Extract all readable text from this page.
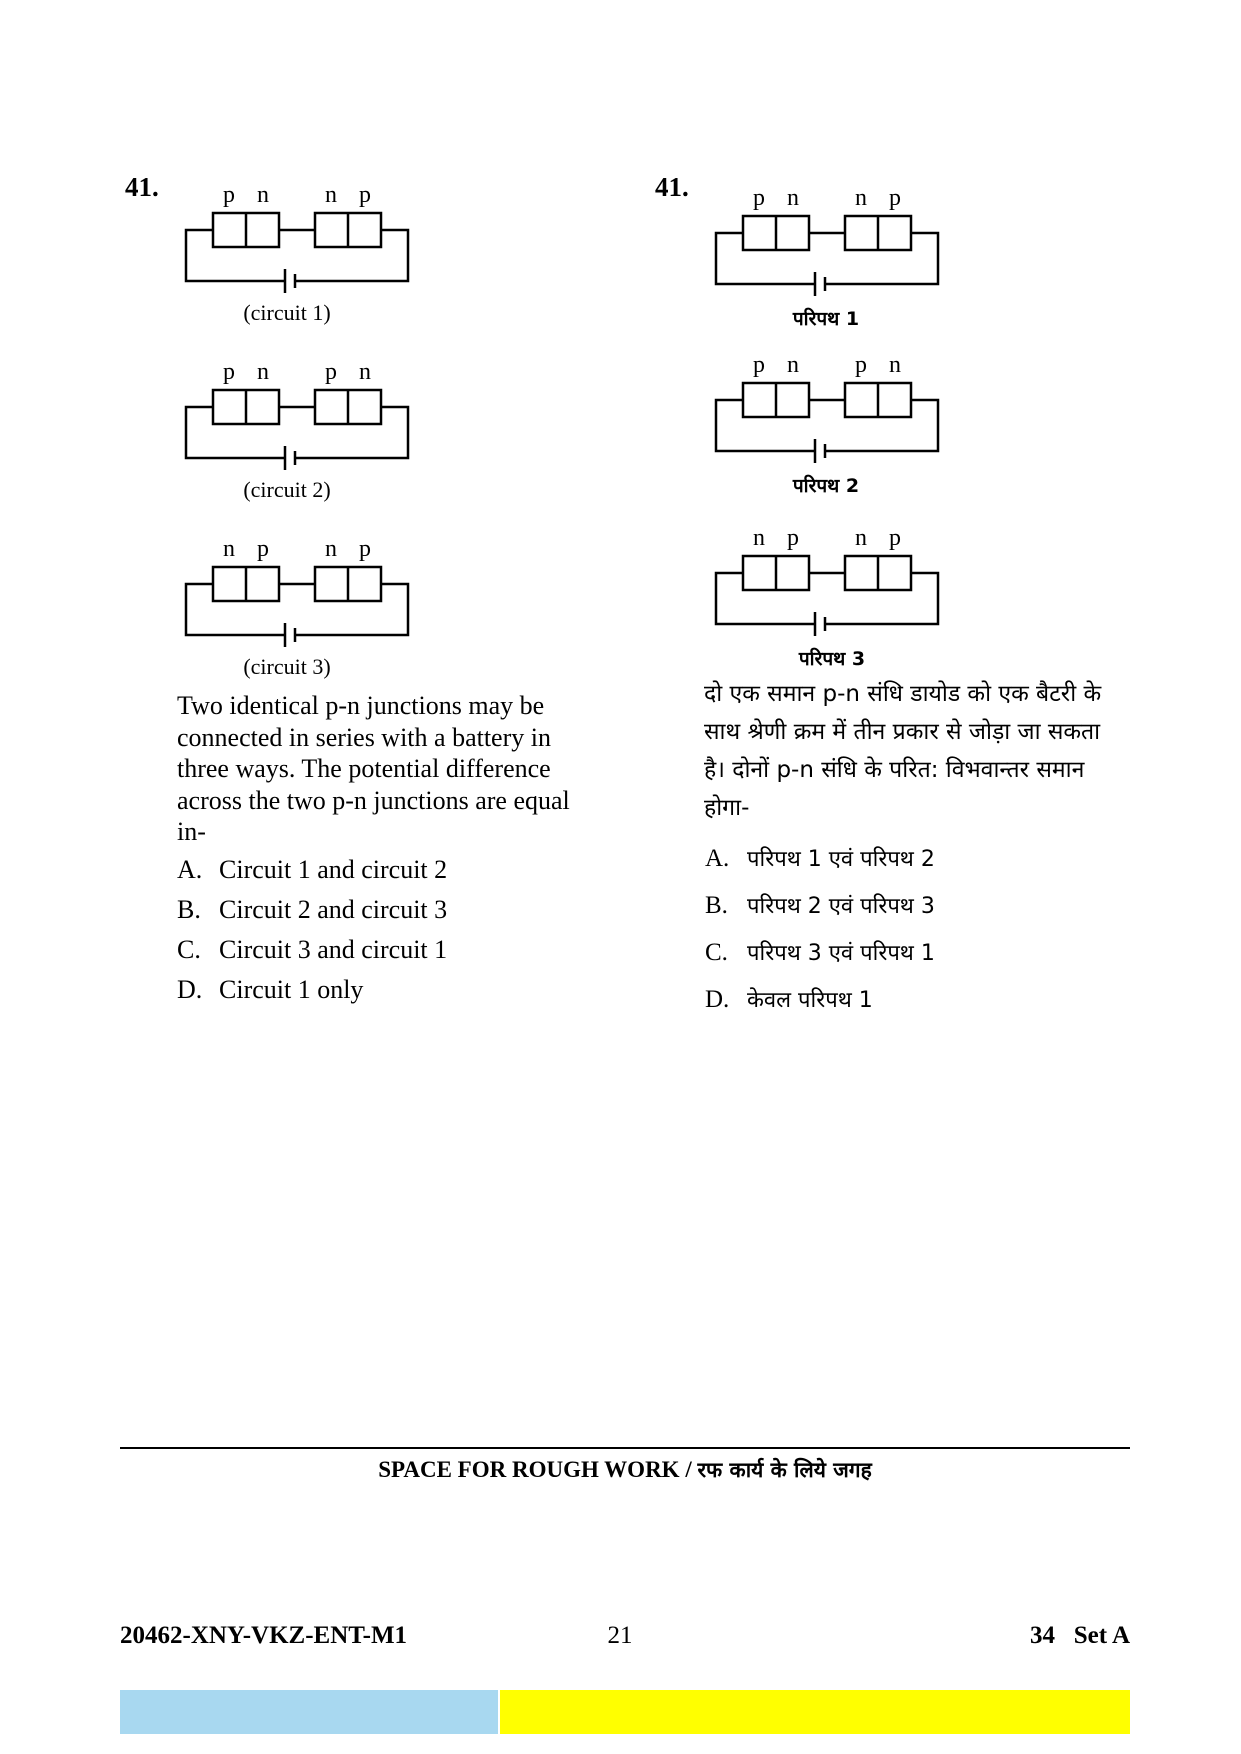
41.	p n n p
(circuit 1)
p n p n
(circuit 2)
n p n p
(circuit 3)
Two identical p-n junctions may be
connected in series with a battery in
three ways. The potential difference
across the two p-n junctions are equal
in-
A. Circuit 1 and circuit 2
B. Circuit 2 and circuit 3
C. Circuit 3 and circuit 1
D. Circuit 1 only
41.	p n n p
परिपथ 1
p n p n
परिपथ 2
n p n p
परिपथ 3
दो एक समान p-n संधि डायोड को एक बैटरी के
साथ श्रेणी क्रम में तीन प्रकार से जोड़ा जा सकता
है। दोनों p-n संधि के परित: विभवान्तर समान
होगा-
A. परिपथ 1 एवं परिपथ 2
B. परिपथ 2 एवं परिपथ 3
C. परिपथ 3 एवं परिपथ 1
D. केवल परिपथ 1
SPACE FOR ROUGH WORK / रफ कार्य के लिये जगह
20462-XNY-VKZ-ENT-M1	21	34   Set A
